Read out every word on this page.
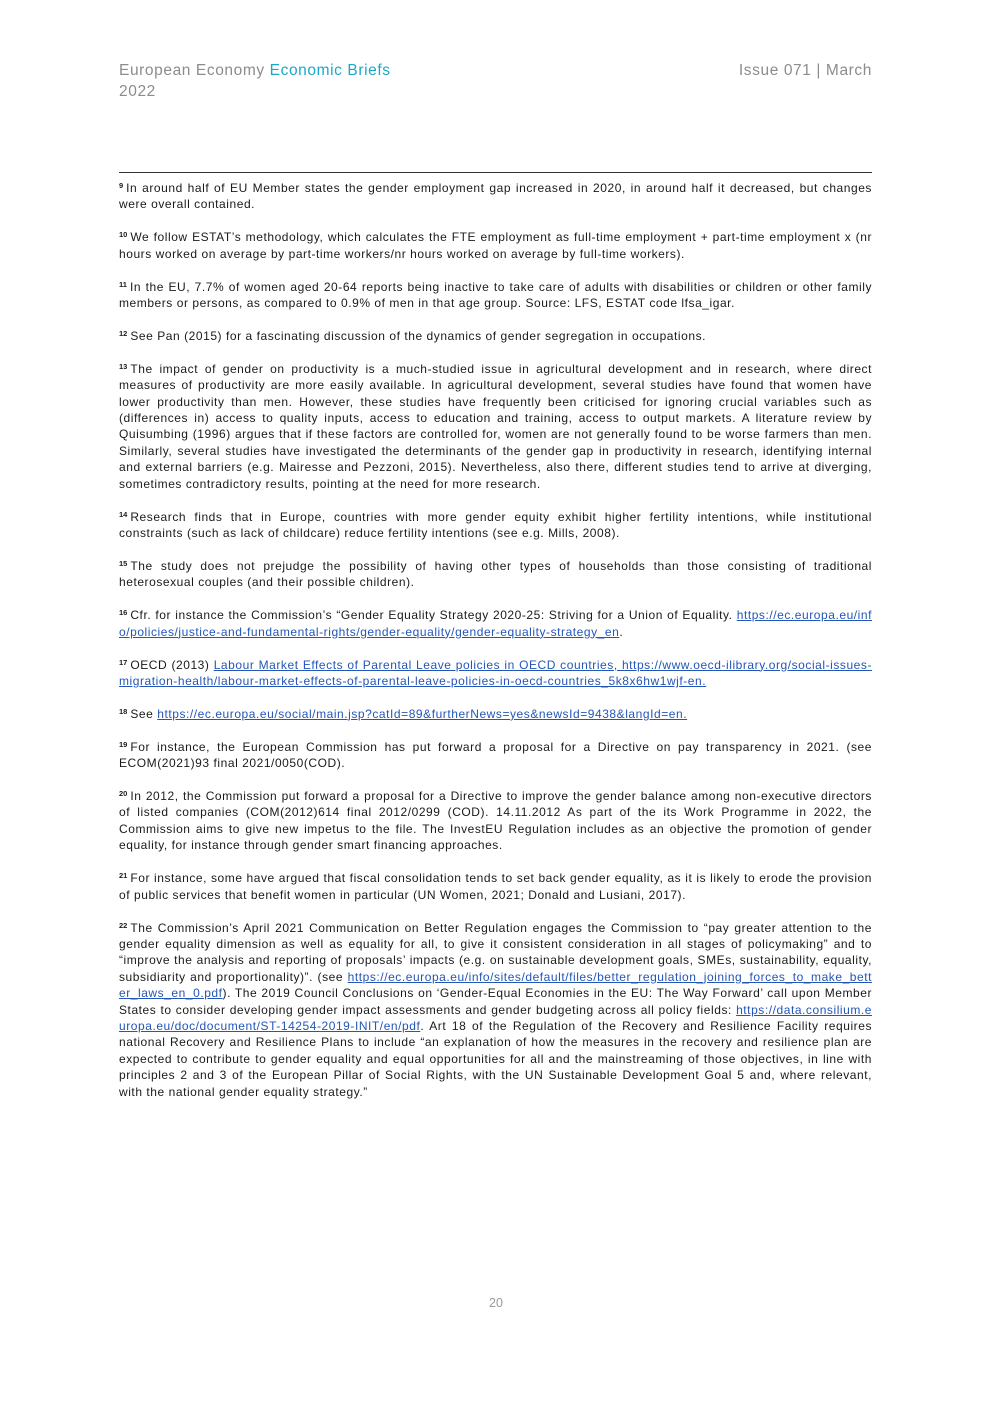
European Economy Economic Briefs	Issue 071 | March
2022

$^9$ In around half of EU Member states the gender employment gap increased in 2020, in around half it decreased, but changes were overall contained.

$^{10}$ We follow ESTAT’s methodology, which calculates the FTE employment as full-time employment + part-time employment x (nr hours worked on average by part-time workers/nr hours worked on average by full-time workers).

$^{11}$ In the EU, 7.7% of women aged 20-64 reports being inactive to take care of adults with disabilities or children or other family members or persons, as compared to 0.9% of men in that age group. Source: LFS, ESTAT code lfsa_igar.

$^{12}$ See Pan (2015) for a fascinating discussion of the dynamics of gender segregation in occupations.

$^{13}$ The impact of gender on productivity is a much-studied issue in agricultural development and in research, where direct measures of productivity are more easily available. In agricultural development, several studies have found that women have lower productivity than men. However, these studies have frequently been criticised for ignoring crucial variables such as (differences in) access to quality inputs, access to education and training, access to output markets. A literature review by Quisumbing (1996) argues that if these factors are controlled for, women are not generally found to be worse farmers than men. Similarly, several studies have investigated the determinants of the gender gap in productivity in research, identifying internal and external barriers (e.g. Mairesse and Pezzoni, 2015). Nevertheless, also there, different studies tend to arrive at diverging, sometimes contradictory results, pointing at the need for more research.

$^{14}$ Research finds that in Europe, countries with more gender equity exhibit higher fertility intentions, while institutional constraints (such as lack of childcare) reduce fertility intentions (see e.g. Mills, 2008).

$^{15}$ The study does not prejudge the possibility of having other types of households than those consisting of traditional heterosexual couples (and their possible children).

$^{16}$ Cfr. for instance the Commission’s “Gender Equality Strategy 2020-25: Striving for a Union of Equality. https://ec.europa.eu/info/policies/justice-and-fundamental-rights/gender-equality/gender-equality-strategy_en.

$^{17}$ OECD (2013) Labour Market Effects of Parental Leave policies in OECD countries, https://www.oecd-ilibrary.org/social-issues-migration-health/labour-market-effects-of-parental-leave-policies-in-oecd-countries_5k8x6hw1wjf-en.

$^{18}$ See https://ec.europa.eu/social/main.jsp?catId=89&furtherNews=yes&newsId=9438&langId=en.

$^{19}$ For instance, the European Commission has put forward a proposal for a Directive on pay transparency in 2021. (see ECOM(2021)93 final 2021/0050(COD).

$^{20}$ In 2012, the Commission put forward a proposal for a Directive to improve the gender balance among non-executive directors of listed companies (COM(2012)614 final 2012/0299 (COD). 14.11.2012 As part of the its Work Programme in 2022, the Commission aims to give new impetus to the file. The InvestEU Regulation includes as an objective the promotion of gender equality, for instance through gender smart financing approaches.

$^{21}$ For instance, some have argued that fiscal consolidation tends to set back gender equality, as it is likely to erode the provision of public services that benefit women in particular (UN Women, 2021; Donald and Lusiani, 2017).

$^{22}$ The Commission’s April 2021 Communication on Better Regulation engages the Commission to “pay greater attention to the gender equality dimension as well as equality for all, to give it consistent consideration in all stages of policymaking” and to “improve the analysis and reporting of proposals’ impacts (e.g. on sustainable development goals, SMEs, sustainability, equality, subsidiarity and proportionality)”. (see https://ec.europa.eu/info/sites/default/files/better_regulation_joining_forces_to_make_better_laws_en_0.pdf). The 2019 Council Conclusions on ‘Gender-Equal Economies in the EU: The Way Forward’ call upon Member States to consider developing gender impact assessments and gender budgeting across all policy fields: https://data.consilium.europa.eu/doc/document/ST-14254-2019-INIT/en/pdf. Art 18 of the Regulation of the Recovery and Resilience Facility requires national Recovery and Resilience Plans to include “an explanation of how the measures in the recovery and resilience plan are expected to contribute to gender equality and equal opportunities for all and the mainstreaming of those objectives, in line with principles 2 and 3 of the European Pillar of Social Rights, with the UN Sustainable Development Goal 5 and, where relevant, with the national gender equality strategy.”

20
